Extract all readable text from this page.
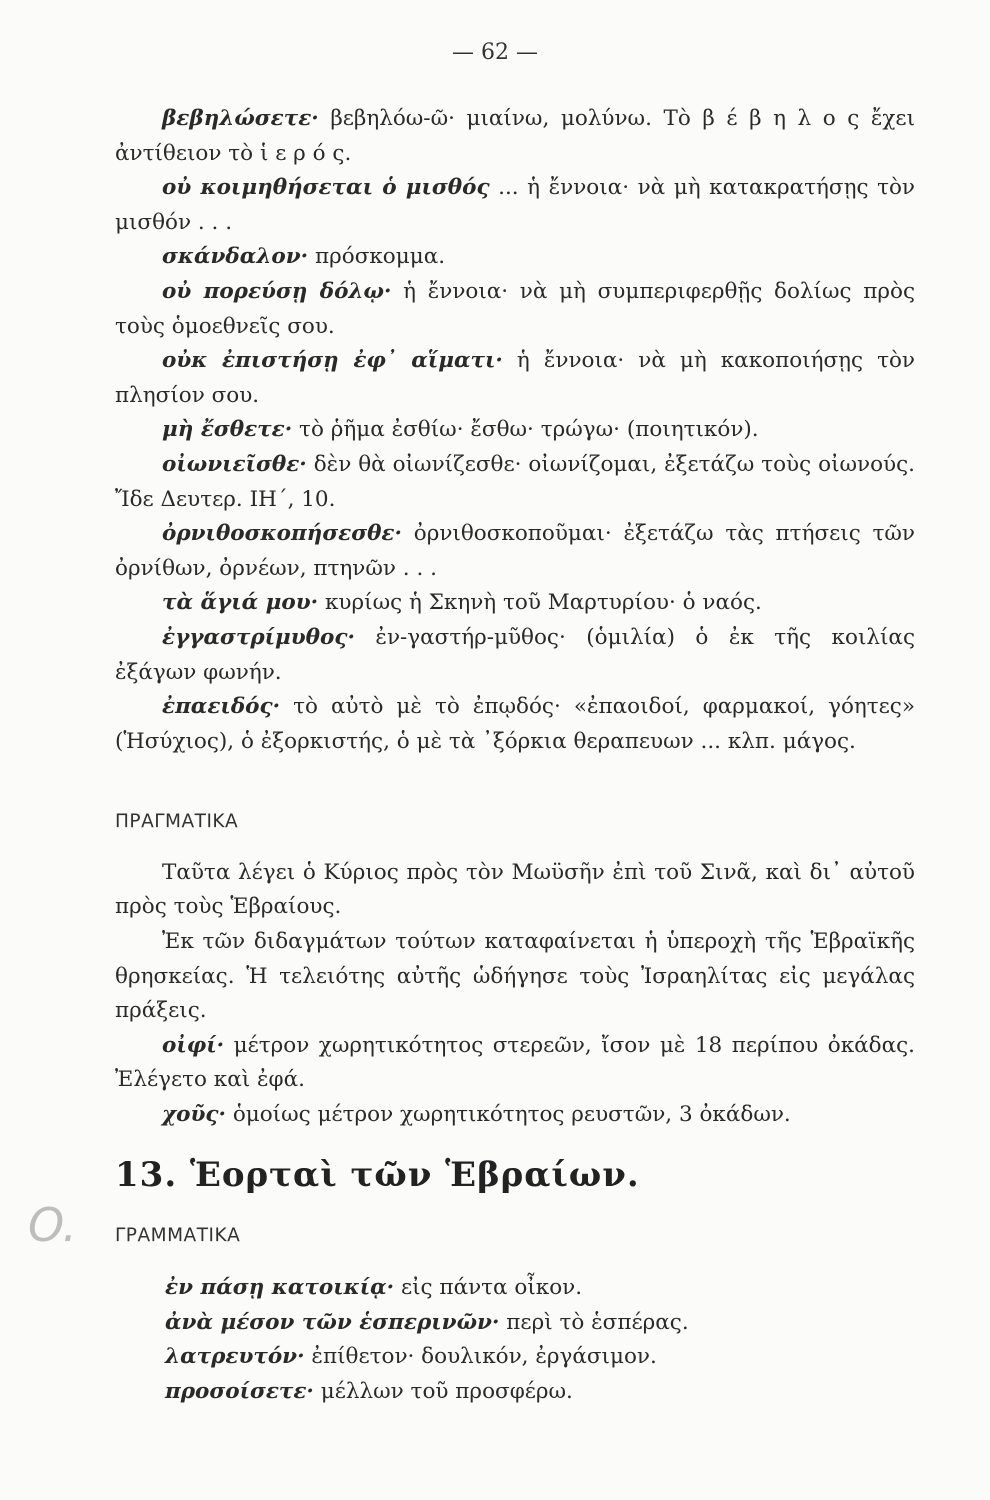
— 62 —
O.

βεβηλώσετε· βεβηλόω-ῶ· μιαίνω, μολύνω. Τὸ β έ β η λ ο ς ἔχει ἀντίθειον τὸ ἱ ε ρ ό ς.

οὐ κοιμηθήσεται ὁ μισθός ... ἡ ἔννοια· νὰ μὴ κατακρατήσῃς τὸν μισθόν . . .

σκάνδαλον· πρόσκομμα.

οὐ πορεύσῃ δόλῳ· ἡ ἔννοια· νὰ μὴ συμπεριφερθῇς δολίως πρὸς τοὺς ὁμοεθνεῖς σου.

οὐκ ἐπιστήσῃ ἐφ᾽ αἵματι· ἡ ἔννοια· νὰ μὴ κακοποιήσῃς τὸν πλησίον σου.

μὴ ἔσθετε· τὸ ῥῆμα ἐσθίω· ἔσθω· τρώγω· (ποιητικόν).

οἰωνιεῖσθε· δὲν θὰ οἰωνίζεσθε· οἰωνίζομαι, ἐξετάζω τοὺς οἰωνούς. Ἴδε Δευτερ. ΙΗ΄, 10.

ὀρνιθοσκοπήσεσθε· ὀρνιθοσκοποῦμαι· ἐξετάζω τὰς πτήσεις τῶν ὀρνίθων, ὀρνέων, πτηνῶν . . .

τὰ ἅγιά μου· κυρίως ἡ Σκηνὴ τοῦ Μαρτυρίου· ὁ ναός.

ἐγγαστρίμυθος· ἐν-γαστήρ-μῦθος· (ὁμιλία) ὁ ἐκ τῆς κοιλίας ἐξάγων φωνήν.

ἐπαειδός· τὸ αὐτὸ μὲ τὸ ἐπῳδός· «ἐπαοιδοί, φαρμακοί, γόητες» (Ἡσύχιος), ὁ ἐξορκιστής, ὁ μὲ τὰ ᾽ξόρκια θεραπευων ... κλπ. μάγος.

ΠΡΑΓΜΑΤΙΚΑ

Ταῦτα λέγει ὁ Κύριος πρὸς τὸν Μωϋσῆν ἐπὶ τοῦ Σινᾶ, καὶ δι᾽ αὐτοῦ πρὸς τοὺς Ἑβραίους.

Ἐκ τῶν διδαγμάτων τούτων καταφαίνεται ἡ ὑπεροχὴ τῆς Ἑβραϊκῆς θρησκείας. Ἡ τελειότης αὐτῆς ὡδήγησε τοὺς Ἰσραηλίτας εἰς μεγάλας πράξεις.

οἰφί· μέτρον χωρητικότητος στερεῶν, ἴσον μὲ 18 περίπου ὀκάδας. Ἐλέγετο καὶ ἐφά.

χοῦς· ὁμοίως μέτρον χωρητικότητος ρευστῶν, 3 ὀκάδων.

13. Ἑορταὶ τῶν Ἑβραίων.
ΓΡΑΜΜΑΤΙΚΑ

ἐν πάσῃ κατοικίᾳ· εἰς πάντα οἶκον.

ἀνὰ μέσον τῶν ἑσπερινῶν· περὶ τὸ ἑσπέρας.

λατρευτόν· ἐπίθετον· δουλικόν, ἐργάσιμον.

προσοίσετε· μέλλων τοῦ προσφέρω.
